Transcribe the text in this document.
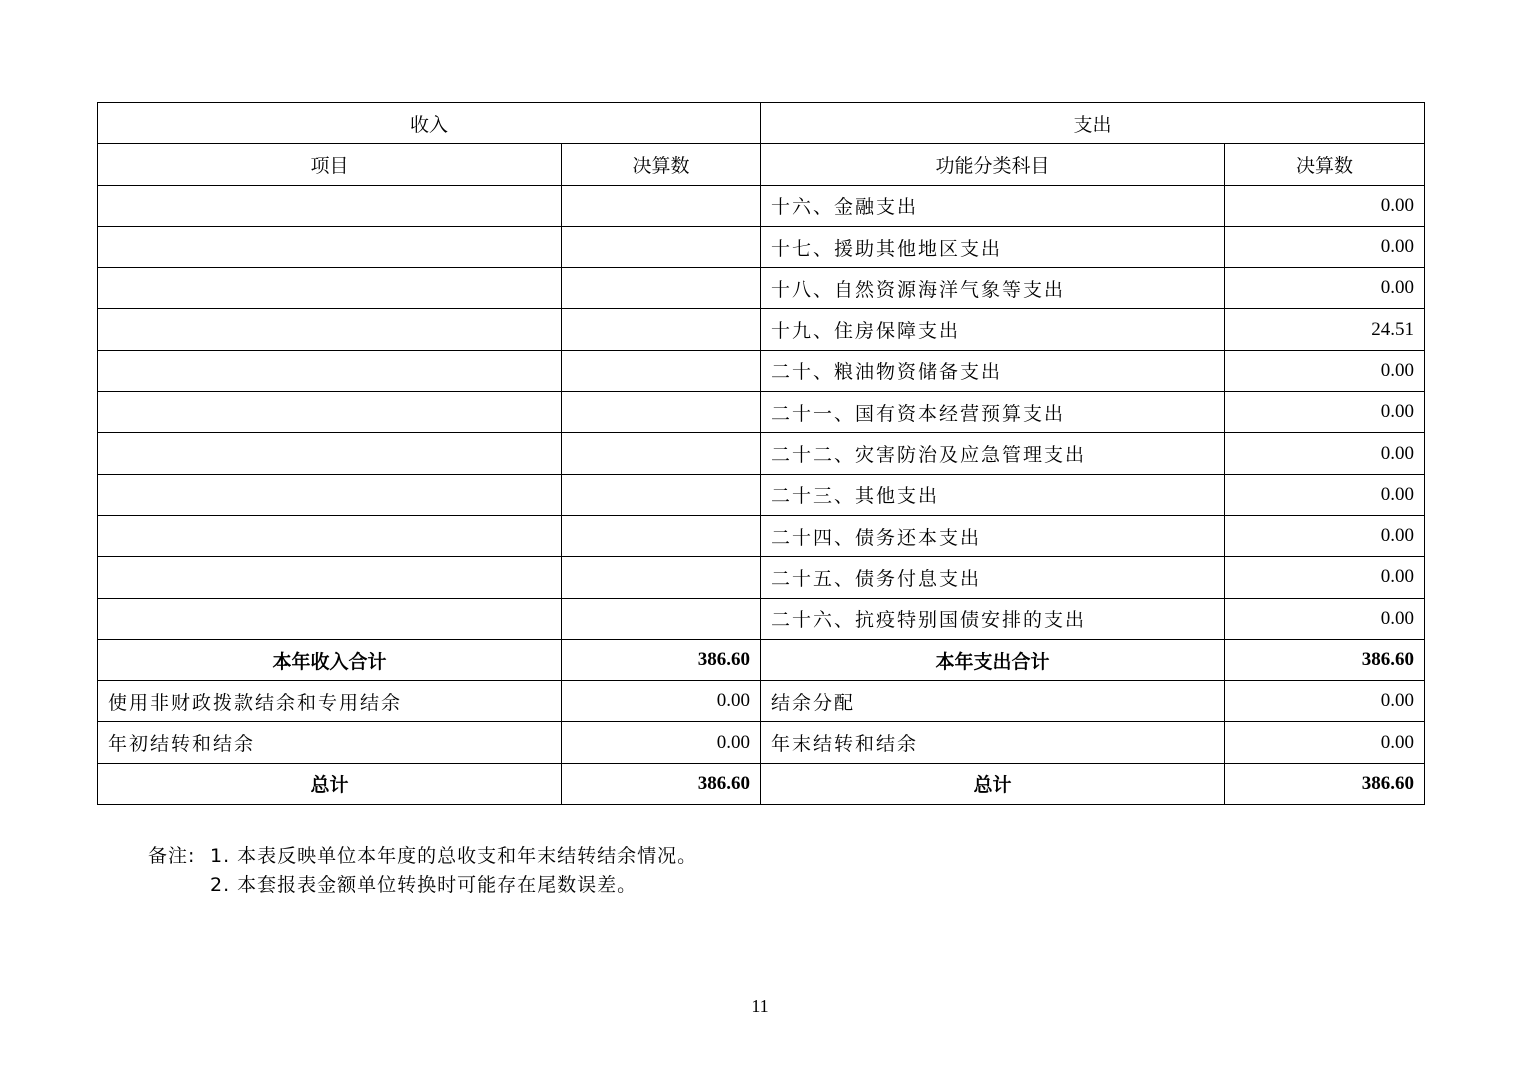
收入		支出	
项目	决算数	功能分类科目	决算数
		十六、金融支出	0.00
		十七、援助其他地区支出	0.00
		十八、自然资源海洋气象等支出	0.00
		十九、住房保障支出	24.51
		二十、粮油物资储备支出	0.00
		二十一、国有资本经营预算支出	0.00
		二十二、灾害防治及应急管理支出	0.00
		二十三、其他支出	0.00
		二十四、债务还本支出	0.00
		二十五、债务付息支出	0.00
		二十六、抗疫特别国债安排的支出	0.00
本年收入合计	386.60	本年支出合计	386.60
使用非财政拨款结余和专用结余	0.00	结余分配	0.00
年初结转和结余	0.00	年末结转和结余	0.00
总计	386.60	总计	386.60
备注: 1. 本表反映单位本年度的总收支和年末结转结余情况。
2. 本套报表金额单位转换时可能存在尾数误差。
11
